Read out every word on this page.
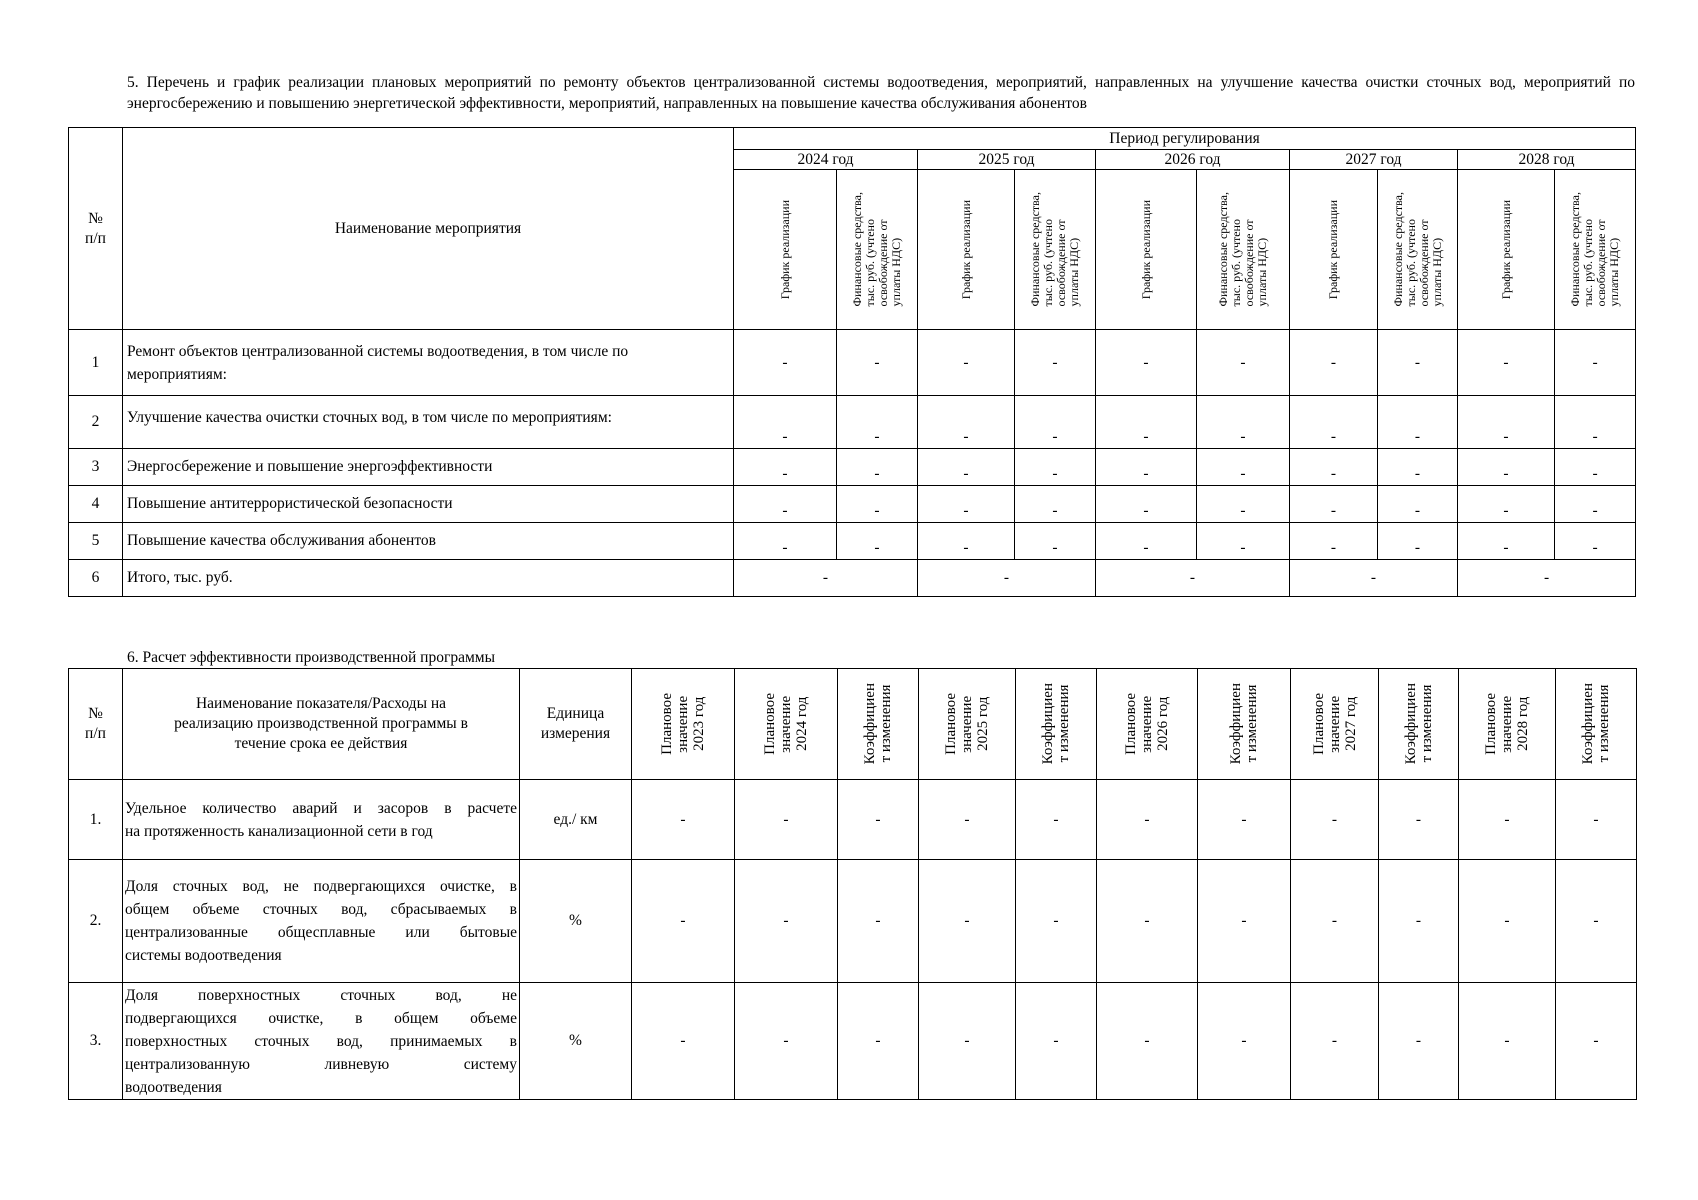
5. Перечень и график реализации плановых мероприятий по ремонту объектов централизованной системы водоотведения, мероприятий, направленных на улучшение качества очистки сточных вод, мероприятий по энергосбережению и повышению энергетической эффективности, мероприятий, направленных на повышение качества обслуживания абонентов
№
п/п	Наименование мероприятия	Период регулирования									
		2024 год		2025 год		2026 год		2027 год		2028 год	

		График реализации	Финансовые средства,
тыс. руб. (учтено
освобождение от
уплаты НДС)	График реализации	Финансовые средства,
тыс. руб. (учтено
освобождение от
уплаты НДС)	График реализации	Финансовые средства,
тыс. руб. (учтено
освобождение от
уплаты НДС)	График реализации	Финансовые средства,
тыс. руб. (учтено
освобождение от
уплаты НДС)	График реализации	Финансовые средства,
тыс. руб. (учтено
освобождение от
уплаты НДС)

1	Ремонт объектов централизованной системы водоотведения, в том числе по мероприятиям:	-	-	-	-	-	-	-	-	-	-
2	Улучшение качества очистки сточных вод, в том числе по мероприятиям:	-	-	-	-	-	-	-	-	-	-
3	Энергосбережение и повышение энергоэффективности	-	-	-	-	-	-	-	-	-	-
4	Повышение антитеррористической безопасности	-	-	-	-	-	-	-	-	-	-
5	Повышение качества обслуживания абонентов	-	-	-	-	-	-	-	-	-	-
6	Итого, тыс. руб.	-		-		-		-		-	
6. Расчет эффективности производственной программы
№
п/п	Наименование показателя/Расходы на
реализацию производственной программы в
течение срока ее действия	Единица
измерения	Плановое
значение
2023 год	Плановое
значение
2024 год	Коэффициен
т изменения	Плановое
значение
2025 год	Коэффициен
т изменения	Плановое
значение
2026 год	Коэффициен
т изменения	Плановое
значение
2027 год	Коэффициен
т изменения	Плановое
значение
2028 год	Коэффициен
т изменения

1.	Удельное количество аварий и засоров в расчете
на протяженность канализационной сети в год	ед./ км	-	-	-	-	-	-	-	-	-	-	-
2.	Доля сточных вод, не подвергающихся очистке, в
общем объеме сточных вод, сбрасываемых в
централизованные общесплавные или бытовые
системы водоотведения	%	-	-	-	-	-	-	-	-	-	-	-
3.	Доля поверхностных сточных вод, не
подвергающихся очистке, в общем объеме
поверхностных сточных вод, принимаемых в
централизованную ливневую систему
водоотведения	%	-	-	-	-	-	-	-	-	-	-	-
